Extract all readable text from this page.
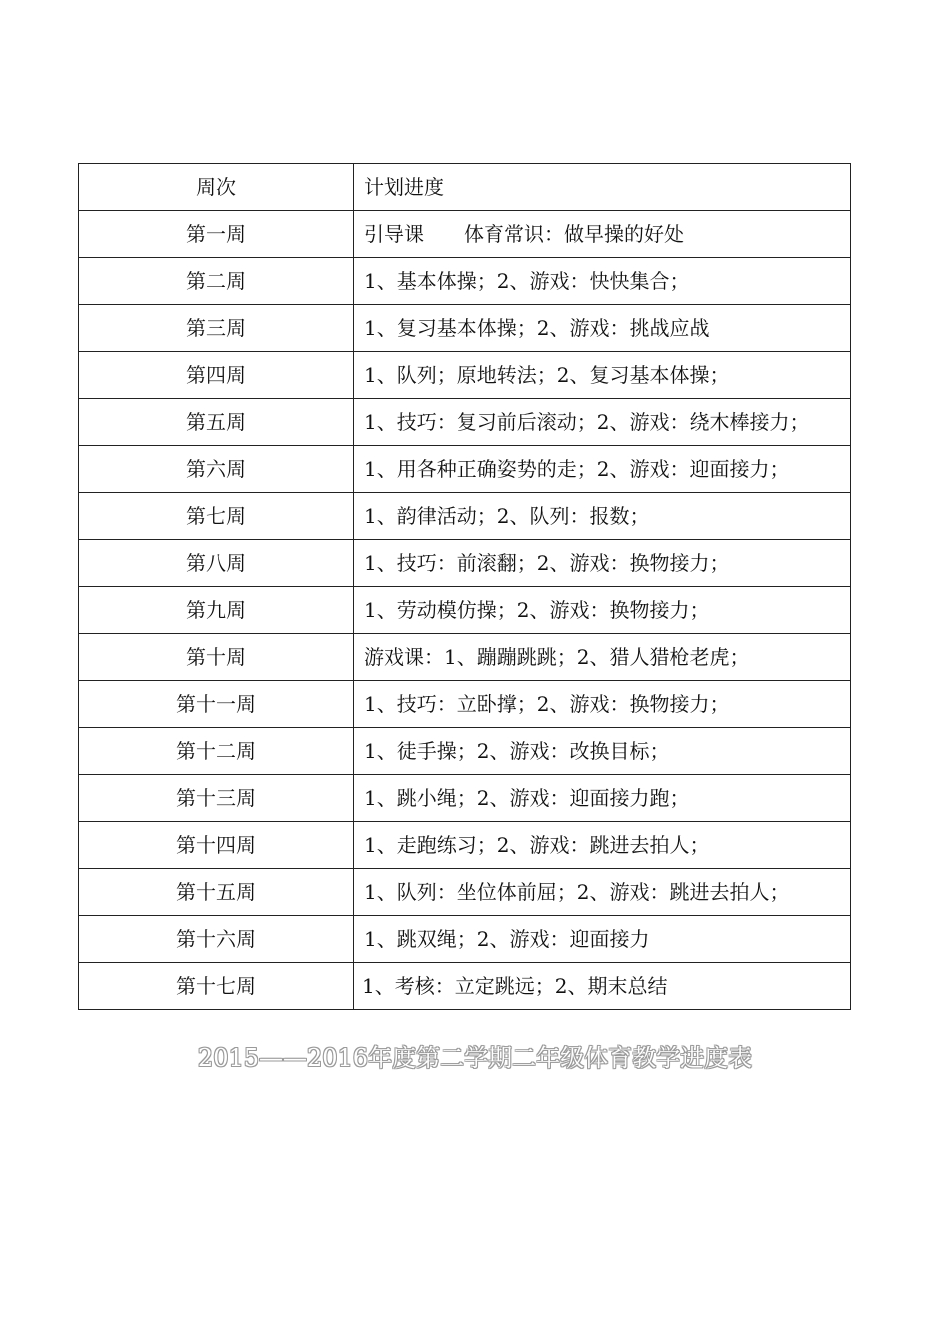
周次	计划进度
第一周	引导课　　体育常识：做早操的好处
第二周	1、基本体操；2、游戏：快快集合；
第三周	1、复习基本体操；2、游戏：挑战应战
第四周	1、队列；原地转法；2、复习基本体操；
第五周	1、技巧：复习前后滚动；2、游戏：绕木棒接力；
第六周	1、用各种正确姿势的走；2、游戏：迎面接力；
第七周	1、韵律活动；2、队列：报数；
第八周	1、技巧：前滚翻；2、游戏：换物接力；
第九周	1、劳动模仿操；2、游戏：换物接力；
第十周	游戏课：1、蹦蹦跳跳；2、猎人猎枪老虎；
第十一周	1、技巧：立卧撑；2、游戏：换物接力；
第十二周	1、徒手操；2、游戏：改换目标；
第十三周	1、跳小绳；2、游戏：迎面接力跑；
第十四周	1、走跑练习；2、游戏：跳进去拍人；
第十五周	1、队列：坐位体前屈；2、游戏：跳进去拍人；
第十六周	1、跳双绳；2、游戏：迎面接力
第十七周	1、考核：立定跳远；2、期末总结
2015——2016年度第二学期二年级体育教学进度表
